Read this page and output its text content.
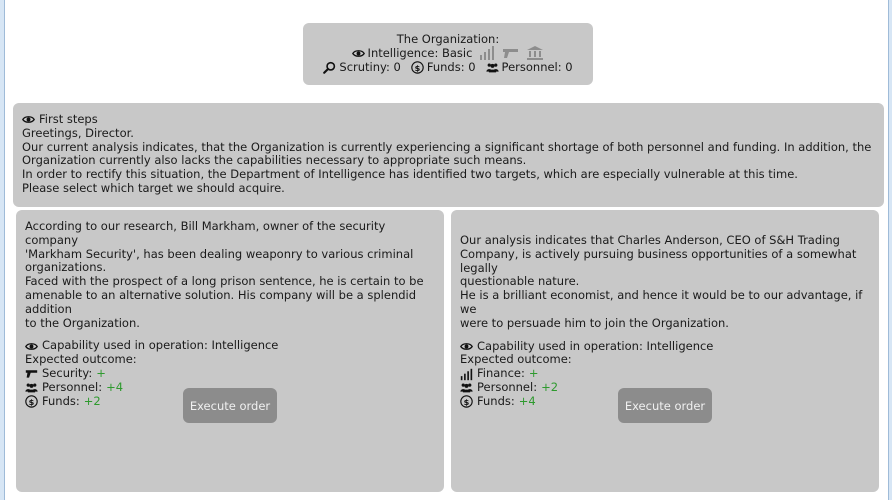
The Organization:
Intelligence: Basic
Scrutiny: 0 $ Funds: 0 Personnel: 0
First steps
Greetings, Director.
Our current analysis indicates, that the Organization is currently experiencing a significant shortage of both personnel and funding. In addition, the
Organization currently also lacks the capabilities necessary to appropriate such means.
In order to rectify this situation, the Department of Intelligence has identified two targets, which are especially vulnerable at this time.
Please select which target we should acquire.
According to our research, Bill Markham, owner of the security company
'Markham Security', has been dealing weaponry to various criminal
organizations.
Faced with the prospect of a long prison sentence, he is certain to be
amenable to an alternative solution. His company will be a splendid addition
to the Organization.
Capability used in operation: Intelligence
Expected outcome:
Security: +
Personnel: +4
$ Funds: +2	Execute order
Our analysis indicates that Charles Anderson, CEO of S&H Trading
Company, is actively pursuing business opportunities of a somewhat legally
questionable nature.
He is a brilliant economist, and hence it would be to our advantage, if we
were to persuade him to join the Organization.
Capability used in operation: Intelligence
Expected outcome:
Finance: +
Personnel: +2
$ Funds: +4	Execute order
